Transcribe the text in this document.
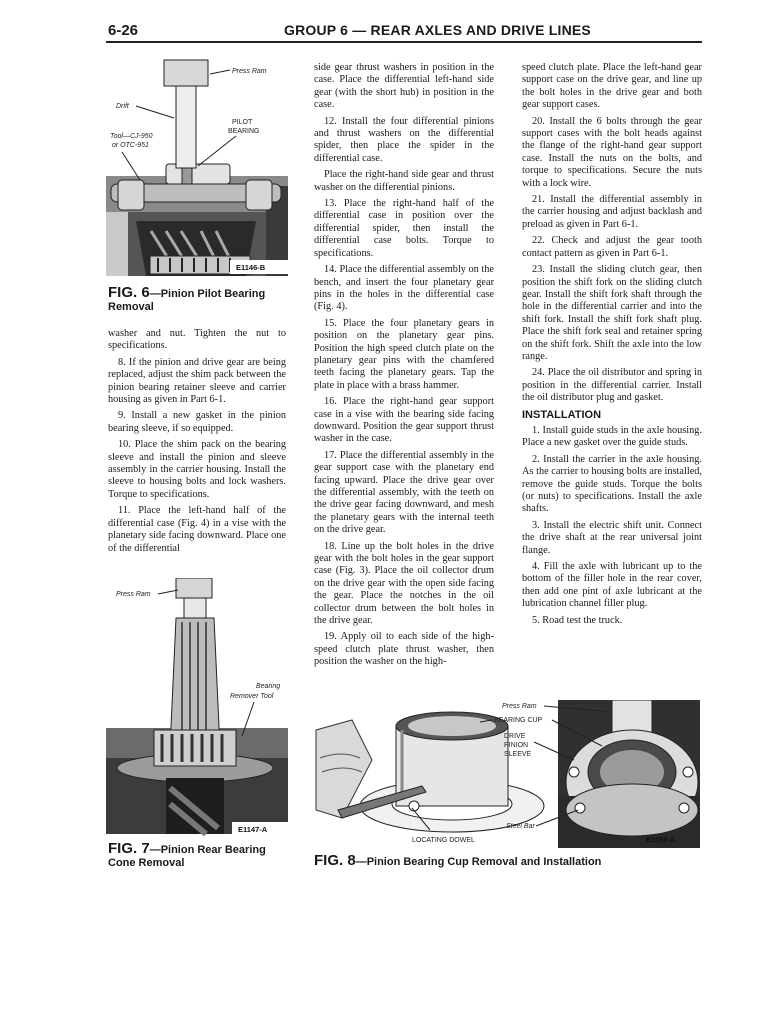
6-26	GROUP 6 — REAR AXLES AND DRIVE LINES
E1146-B
Press Ram
Drift
Tool—CJ-950
or OTC-951
PILOT
BEARING
FIG. 6—Pinion Pilot Bearing Removal

washer and nut. Tighten the nut to specifications.

8. If the pinion and drive gear are being replaced, adjust the shim pack between the pinion bearing retainer sleeve and carrier housing as given in Part 6-1.

9. Install a new gasket in the pinion bearing sleeve, if so equipped.

10. Place the shim pack on the bearing sleeve and install the pinion and sleeve assembly in the carrier housing. Install the sleeve to housing bolts and lock washers. Torque to specifications.

11. Place the left-hand half of the differential case (Fig. 4) in a vise with the planetary side facing downward. Place one of the differential

E1147-A
Press Ram
Bearing
Remover Tool
FIG. 7—Pinion Rear Bearing Cone Removal

side gear thrust washers in position in the case. Place the differential left-hand side gear (with the short hub) in position in the case.

12. Install the four differential pinions and thrust washers on the differential spider, then place the spider in the differential case.

Place the right-hand side gear and thrust washer on the differential pinions.

13. Place the right-hand half of the differential case in position over the differential spider, then install the differential case bolts. Torque to specifications.

14. Place the differential assembly on the bench, and insert the four planetary gear pins in the holes in the differential case (Fig. 4).

15. Place the four planetary gears in position on the planetary gear pins. Position the high speed clutch plate on the planetary gear pins with the chamfered teeth facing the planetary gears. Tap the plate in place with a brass hammer.

16. Place the right-hand gear support case in a vise with the bearing side facing downward. Position the gear support thrust washer in the case.

17. Place the differential assembly in the gear support case with the planetary end facing upward. Place the drive gear over the differential assembly, with the teeth on the drive gear facing downward, and mesh the planetary gears with the internal teeth on the drive gear.

18. Line up the bolt holes in the drive gear with the bolt holes in the gear support case (Fig. 3). Place the oil collector drum on the drive gear with the open side facing the gear. Place the notches in the oil collector drum between the bolt holes in the drive gear.

19. Apply oil to each side of the high-speed clutch plate thrust washer, then position the washer on the high-

speed clutch plate. Place the left-hand gear support case on the drive gear, and line up the bolt holes in the drive gear and both gear support cases.

20. Install the 6 bolts through the gear support cases with the bolt heads against the flange of the right-hand gear support case. Install the nuts on the bolts, and torque to specifications. Secure the nuts with a lock wire.

21. Install the differential assembly in the carrier housing and adjust backlash and preload as given in Part 6-1.

22. Check and adjust the gear tooth contact pattern as given in Part 6-1.

23. Install the sliding clutch gear, then position the shift fork on the sliding clutch gear. Install the shift fork shaft through the hole in the differential carrier and into the shift fork. Install the shift fork shaft plug. Place the shift fork seal and retainer spring on the shift fork. Shift the axle into the low range.

24. Place the oil distributor and spring in position in the differential carrier. Install the oil distributor plug and gasket.

INSTALLATION

1. Install guide studs in the axle housing. Place a new gasket over the guide studs.

2. Install the carrier in the axle housing. As the carrier to housing bolts are installed, remove the guide studs. Torque the bolts (or nuts) to specifications. Install the axle shafts.

3. Install the electric shift unit. Connect the drive shaft at the rear universal joint flange.

4. Fill the axle with lubricant up to the bottom of the filler hole in the rear cover, then add one pint of axle lubricant at the lubrication channel filler plug.

5. Road test the truck.

E1059-A
Press Ram
BEARING CUP
DRIVE
PINION
SLEEVE
Steel Bar
LOCATING DOWEL
FIG. 8—Pinion Bearing Cup Removal and Installation
